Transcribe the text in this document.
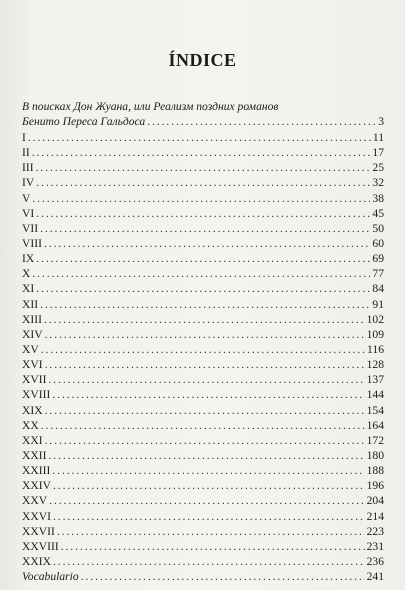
ÍNDICE
В поисках Дон Жуана, или Реализм поздних романов
Бенито Переса Гальдоса . . .	3
I . . .	11
II . . .	17
III . . .	25
IV . . .	32
V . . .	38
VI . . .	45
VII . . .	50
VIII . . .	60
IX . . .	69
X . . .	77
XI . . .	84
XII . . .	91
XIII . . .	102
XIV . . .	109
XV . . .	116
XVI . . .	128
XVII . . .	137
XVIII . . .	144
XIX . . .	154
XX . . .	164
XXI . . .	172
XXII . . .	180
XXIII . . .	188
XXIV . . .	196
XXV . . .	204
XXVI . . .	214
XXVII . . .	223
XXVIII . . .	231
XXIX . . .	236
Vocabulario . . .	241
